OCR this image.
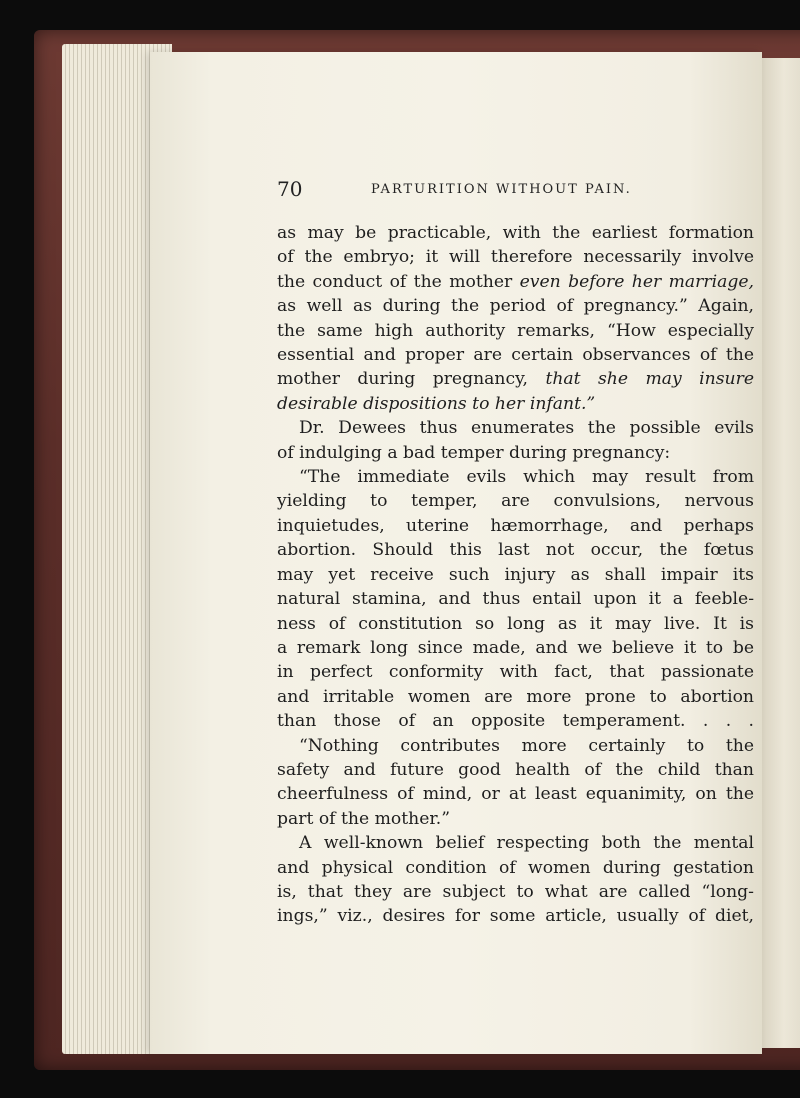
70	PARTURITION WITHOUT PAIN.
as may be practicable, with the earliest formation
of the embryo; it will therefore necessarily involve
the conduct of the mother even before her marriage,
as well as during the period of pregnancy.” Again,
the same high authority remarks, “How especially
essential and proper are certain observances of the
mother during pregnancy, that she may insure
desirable dispositions to her infant.”
Dr. Dewees thus enumerates the possible evils
of indulging a bad temper during pregnancy:
“The immediate evils which may result from
yielding to temper, are convulsions, nervous
inquietudes, uterine hæmorrhage, and perhaps
abortion. Should this last not occur, the fœtus
may yet receive such injury as shall impair its
natural stamina, and thus entail upon it a feeble-
ness of constitution so long as it may live. It is
a remark long since made, and we believe it to be
in perfect conformity with fact, that passionate
and irritable women are more prone to abortion
than those of an opposite temperament. . . .
“Nothing contributes more certainly to the
safety and future good health of the child than
cheerfulness of mind, or at least equanimity, on the
part of the mother.”
A well-known belief respecting both the mental
and physical condition of women during gestation
is, that they are subject to what are called “long-
ings,” viz., desires for some article, usually of diet,
